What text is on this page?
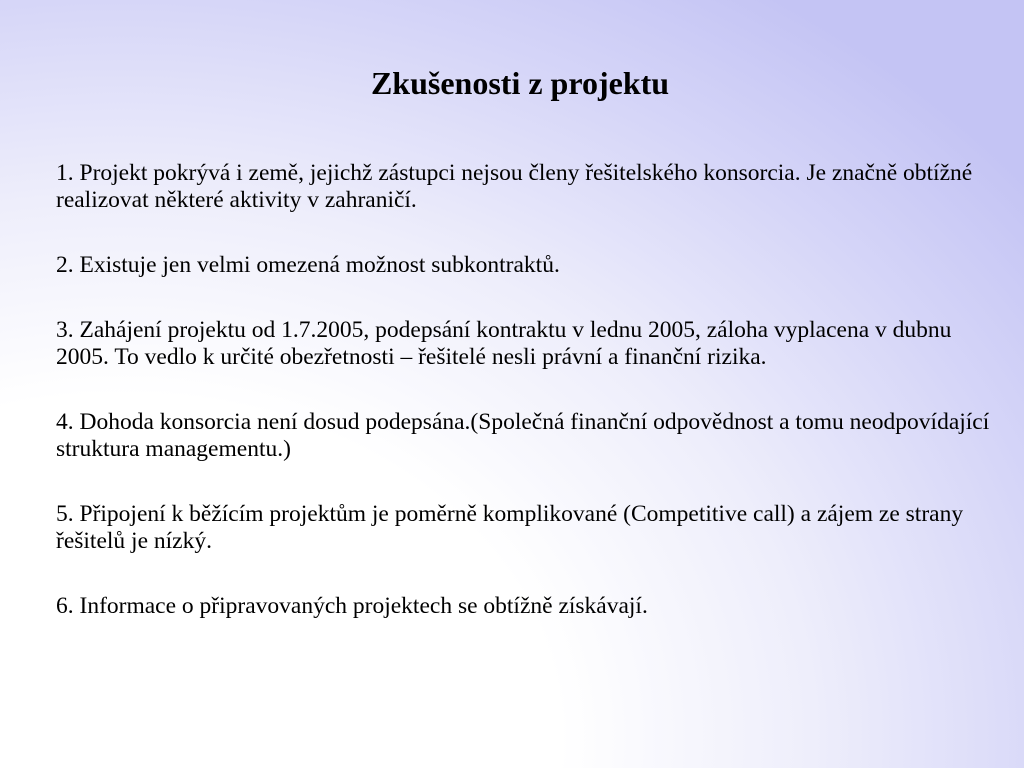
Zkušenosti z projektu
1. Projekt pokrývá i země, jejichž zástupci nejsou členy řešitelského konsorcia. Je značně obtížné realizovat některé aktivity v zahraničí.
2. Existuje jen velmi omezená možnost subkontraktů.
3. Zahájení projektu od 1.7.2005, podepsání kontraktu v lednu 2005, záloha vyplacena v dubnu 2005. To vedlo k určité obezřetnosti – řešitelé nesli právní a finanční rizika.
4. Dohoda konsorcia není dosud podepsána.(Společná finanční odpovědnost a tomu neodpovídající struktura managementu.)
5. Připojení k běžícím projektům je poměrně komplikované (Competitive call) a zájem ze strany řešitelů je nízký.
6. Informace o připravovaných projektech se obtížně získávají.
